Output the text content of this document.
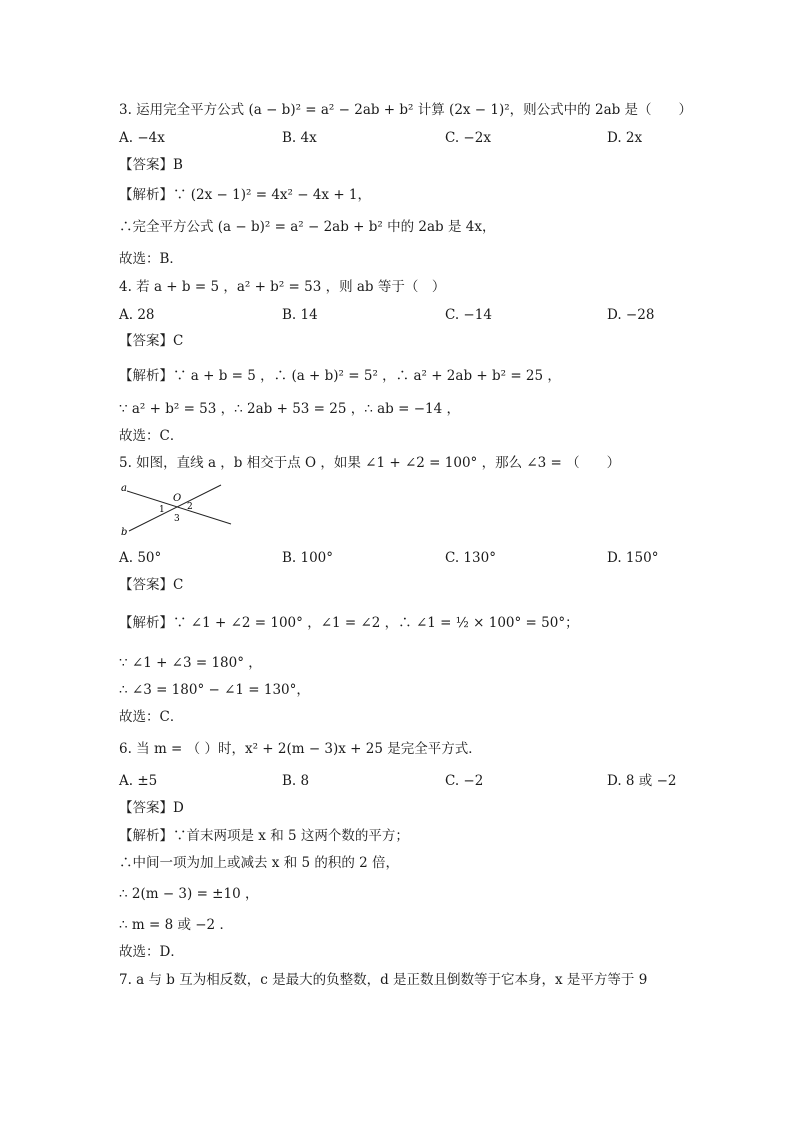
3. 运用完全平方公式 (a − b)² = a² − 2ab + b² 计算 (2x − 1)²，则公式中的 2ab 是（　　）
A. −4x	B. 4x	C. −2x	D. 2x
【答案】B
【解析】∵ (2x − 1)² = 4x² − 4x + 1，
∴完全平方公式 (a − b)² = a² − 2ab + b² 中的 2ab 是 4x，
故选：B．
4. 若 a + b = 5 ，a² + b² = 53 ，则 ab 等于（　）
A. 28	B. 14	C. −14	D. −28
【答案】C
【解析】∵ a + b = 5 ，∴ (a + b)² = 5² ，∴ a² + 2ab + b² = 25 ，
∵ a² + b² = 53 ，∴ 2ab + 53 = 25 ，∴ ab = −14 ，
故选：C．
5. 如图，直线 a ，b 相交于点 O ，如果 ∠1 + ∠2 = 100° ，那么 ∠3 = （　　）
a
b
O
1 2
3
A. 50°	B. 100°	C. 130°	D. 150°
【答案】C
【解析】∵ ∠1 + ∠2 = 100° ，∠1 = ∠2 ，∴ ∠1 = ½ × 100° = 50°；
∵ ∠1 + ∠3 = 180° ，
∴ ∠3 = 180° − ∠1 = 130°，
故选：C．
6. 当 m = （ ）时，x² + 2(m − 3)x + 25 是完全平方式．
A. ±5	B. 8	C. −2	D. 8 或 −2
【答案】D
【解析】∵首末两项是 x 和 5 这两个数的平方；
∴中间一项为加上或减去 x 和 5 的积的 2 倍，
∴ 2(m − 3) = ±10 ，
∴ m = 8 或 −2 ．
故选：D．
7. a 与 b 互为相反数，c 是最大的负整数，d 是正数且倒数等于它本身，x 是平方等于 9
